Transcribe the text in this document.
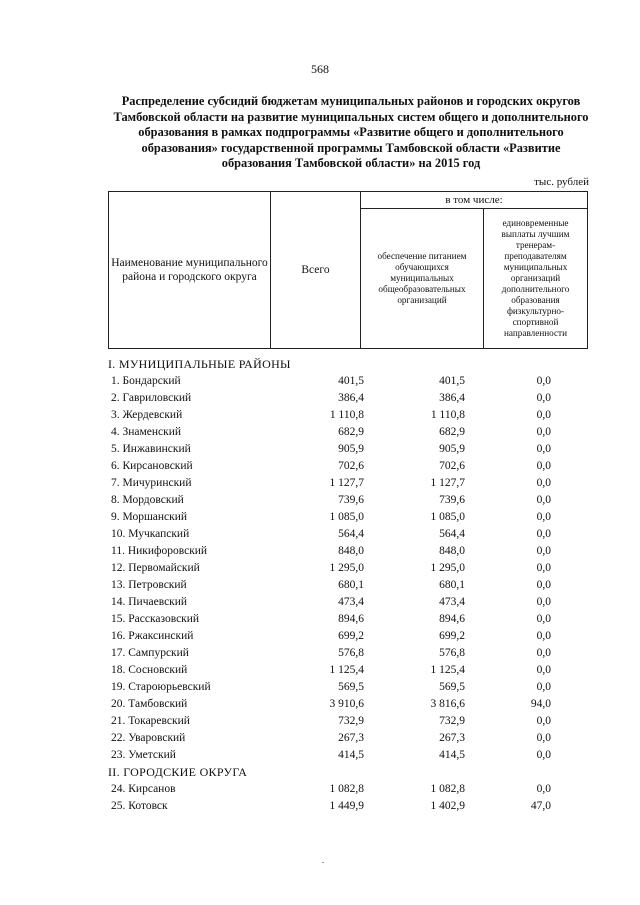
568
Распределение субсидий бюджетам муниципальных районов и городских округов Тамбовской области на развитие муниципальных систем общего и дополнительного образования в рамках подпрограммы «Развитие общего и дополнительного образования» государственной программы Тамбовской области «Развитие образования Тамбовской области» на 2015 год
тыс. рублей
Наименование муниципального района и городского округа	Всего	в том числе:	
		обеспечение питанием обучающихся муниципальных общеобразовательных организаций	единовременные выплаты лучшим тренерам-преподавателям муниципальных организаций дополнительного образования физкультурно-спортивной направленности
I. МУНИЦИПАЛЬНЫЕ РАЙОНЫ
1. Бондарский	401,5	401,5	0,0
2. Гавриловский	386,4	386,4	0,0
3. Жердевский	1 110,8	1 110,8	0,0
4. Знаменский	682,9	682,9	0,0
5. Инжавинский	905,9	905,9	0,0
6. Кирсановский	702,6	702,6	0,0
7. Мичуринский	1 127,7	1 127,7	0,0
8. Мордовский	739,6	739,6	0,0
9. Моршанский	1 085,0	1 085,0	0,0
10. Мучкапский	564,4	564,4	0,0
11. Никифоровский	848,0	848,0	0,0
12. Первомайский	1 295,0	1 295,0	0,0
13. Петровский	680,1	680,1	0,0
14. Пичаевский	473,4	473,4	0,0
15. Рассказовский	894,6	894,6	0,0
16. Ржаксинский	699,2	699,2	0,0
17. Сампурский	576,8	576,8	0,0
18. Сосновский	1 125,4	1 125,4	0,0
19. Староюрьевский	569,5	569,5	0,0
20. Тамбовский	3 910,6	3 816,6	94,0
21. Токаревский	732,9	732,9	0,0
22. Уваровский	267,3	267,3	0,0
23. Уметский	414,5	414,5	0,0
II. ГОРОДСКИЕ ОКРУГА
24. Кирсанов	1 082,8	1 082,8	0,0
25. Котовск	1 449,9	1 402,9	47,0
